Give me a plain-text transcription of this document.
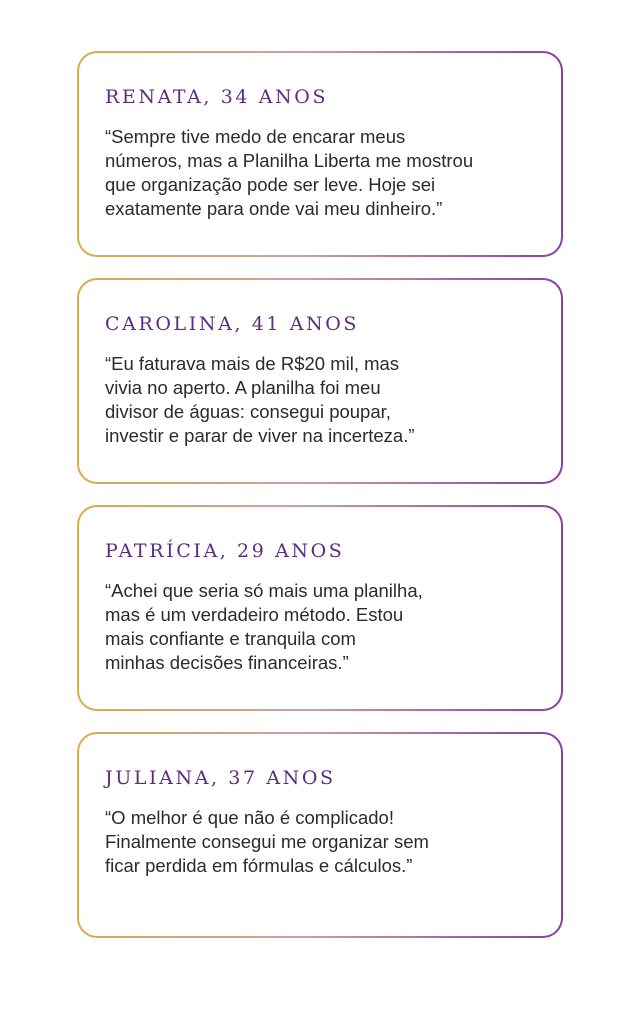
RENATA, 34 ANOS

“Sempre tive medo de encarar meus
números, mas a Planilha Liberta me mostrou
que organização pode ser leve. Hoje sei
exatamente para onde vai meu dinheiro.”

CAROLINA, 41 ANOS

“Eu faturava mais de R$20 mil, mas
vivia no aperto. A planilha foi meu
divisor de águas: consegui poupar,
investir e parar de viver na incerteza.”

PATRÍCIA, 29 ANOS

“Achei que seria só mais uma planilha,
mas é um verdadeiro método. Estou
mais confiante e tranquila com
minhas decisões financeiras.”

JULIANA, 37 ANOS

“O melhor é que não é complicado!
Finalmente consegui me organizar sem
ficar perdida em fórmulas e cálculos.”
